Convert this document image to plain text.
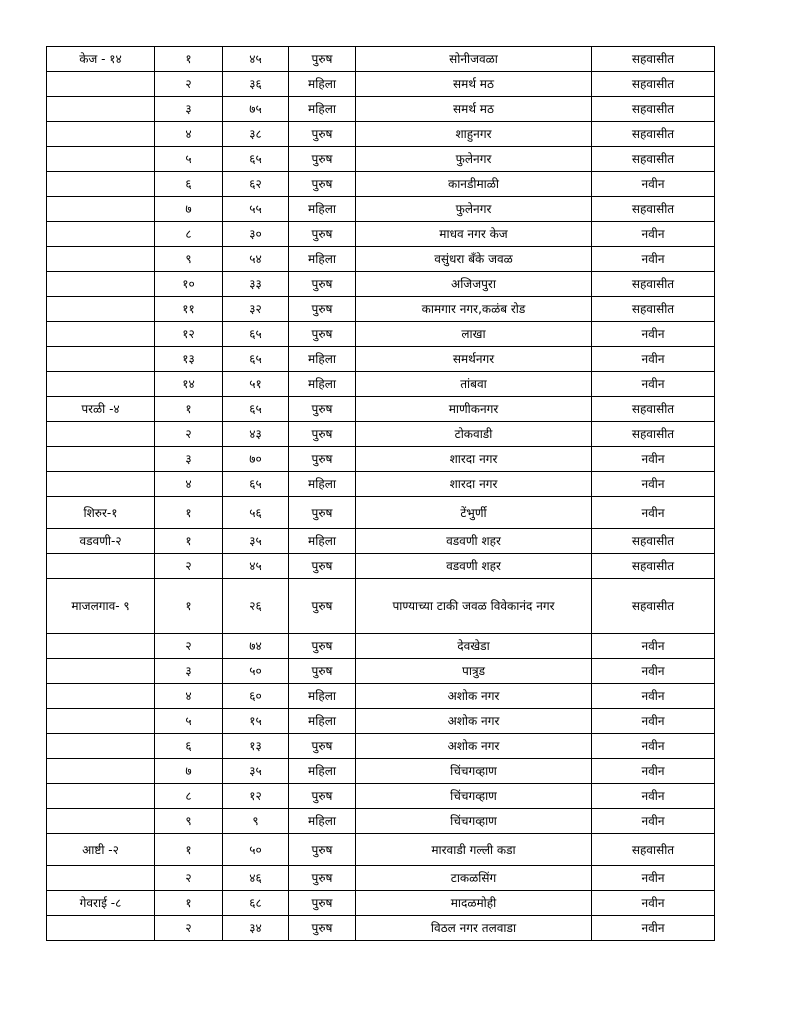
केज - १४	१	४५	पुरुष	सोनीजवळा	सहवासीत
	२	३६	महिला	समर्थ मठ	सहवासीत
	३	७५	महिला	समर्थ मठ	सहवासीत
	४	३८	पुरुष	शाहुनगर	सहवासीत
	५	६५	पुरुष	फुलेनगर	सहवासीत
	६	६२	पुरुष	कानडीमाळी	नवीन
	७	५५	महिला	फुलेनगर	सहवासीत
	८	३०	पुरुष	माधव नगर केज	नवीन
	९	५४	महिला	वसुंधरा बँके जवळ	नवीन
	१०	३३	पुरुष	अजिजपुरा	सहवासीत
	११	३२	पुरुष	कामगार नगर,कळंब रोड	सहवासीत
	१२	६५	पुरुष	लाखा	नवीन
	१३	६५	महिला	समर्थनगर	नवीन
	१४	५१	महिला	तांबवा	नवीन
परळी -४	१	६५	पुरुष	माणीकनगर	सहवासीत
	२	४३	पुरुष	टोकवाडी	सहवासीत
	३	७०	पुरुष	शारदा नगर	नवीन
	४	६५	महिला	शारदा नगर	नवीन
शिरुर-१	१	५६	पुरुष	टेंभुर्णी	नवीन
वडवणी-२	१	३५	महिला	वडवणी शहर	सहवासीत
	२	४५	पुरुष	वडवणी शहर	सहवासीत
माजलगाव- ९	१	२६	पुरुष	पाण्याच्या टाकी जवळ विवेकानंद नगर	सहवासीत
	२	७४	पुरुष	देवखेडा	नवीन
	३	५०	पुरुष	पात्रुड	नवीन
	४	६०	महिला	अशोक नगर	नवीन
	५	१५	महिला	अशोक नगर	नवीन
	६	१३	पुरुष	अशोक नगर	नवीन
	७	३५	महिला	चिंचगव्हाण	नवीन
	८	१२	पुरुष	चिंचगव्हाण	नवीन
	९	९	महिला	चिंचगव्हाण	नवीन
आष्टी -२	१	५०	पुरुष	मारवाडी गल्ली कडा	सहवासीत
	२	४६	पुरुष	टाकळसिंग	नवीन
गेवराई -८	१	६८	पुरुष	मादळमोही	नवीन
	२	३४	पुरुष	विठल नगर तलवाडा	नवीन
